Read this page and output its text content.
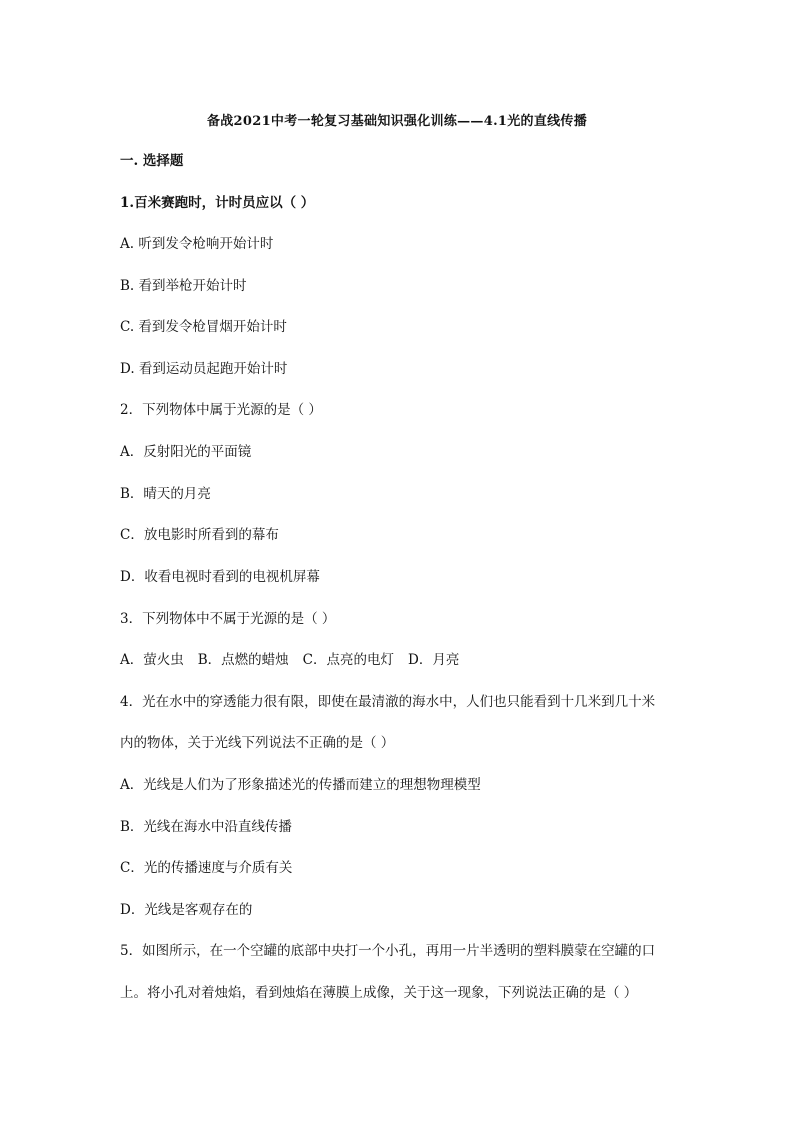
备战2021中考一轮复习基础知识强化训练——4.1光的直线传播
一. 选择题
1.百米赛跑时，计时员应以（ ）
A. 听到发令枪响开始计时
B. 看到举枪开始计时
C. 看到发令枪冒烟开始计时
D. 看到运动员起跑开始计时
2．下列物体中属于光源的是（ ）
A．反射阳光的平面镜
B．晴天的月亮
C．放电影时所看到的幕布
D．收看电视时看到的电视机屏幕
3．下列物体中不属于光源的是（ ）
A．萤火虫 B．点燃的蜡烛 C．点亮的电灯 D．月亮
4．光在水中的穿透能力很有限，即使在最清澈的海水中，人们也只能看到十几米到几十米
内的物体，关于光线下列说法不正确的是（ ）
A．光线是人们为了形象描述光的传播而建立的理想物理模型
B．光线在海水中沿直线传播
C．光的传播速度与介质有关
D．光线是客观存在的
5．如图所示，在一个空罐的底部中央打一个小孔，再用一片半透明的塑料膜蒙在空罐的口
上。将小孔对着烛焰，看到烛焰在薄膜上成像，关于这一现象，下列说法正确的是（ ）
